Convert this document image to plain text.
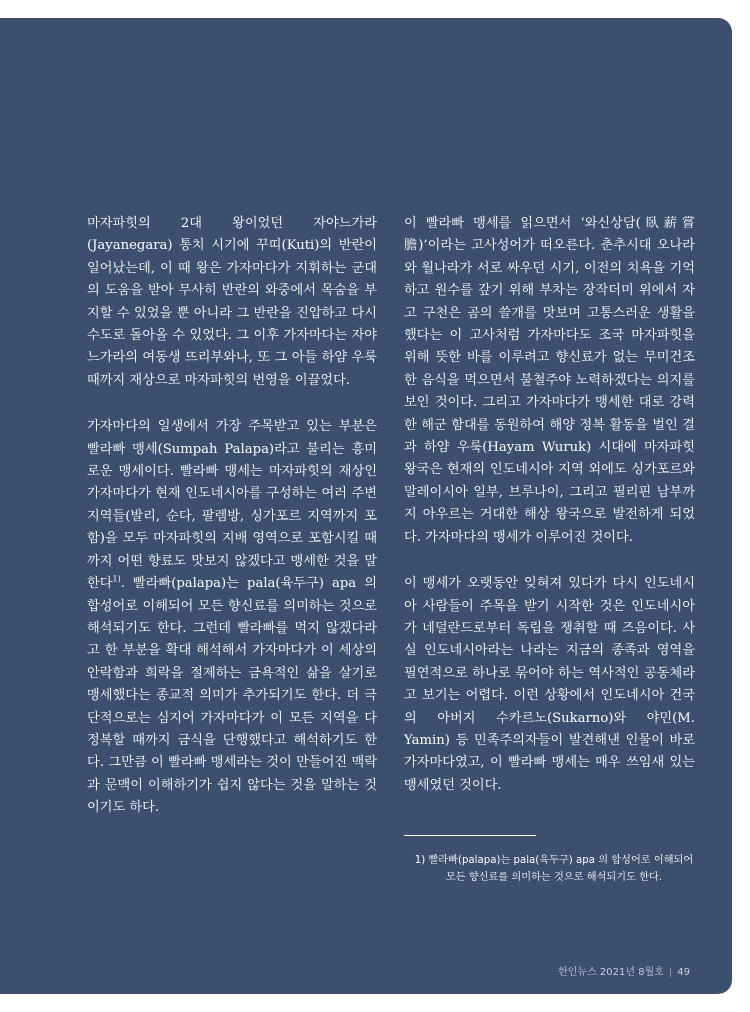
마자파힛의 2대 왕이었던 자야느가라(Jayanegara) 통치 시기에 꾸띠(Kuti)의 반란이 일어났는데, 이 때 왕은 가자마다가 지휘하는 군대의 도움을 받아 무사히 반란의 와중에서 목숨을 부지할 수 있었을 뿐 아니라 그 반란을 진압하고 다시 수도로 돌아올 수 있었다. 그 이후 가자마다는 자야느가라의 여동생 뜨리부와나, 또 그 아들 하얌 우룩 때까지 재상으로 마자파힛의 번영을 이끌었다.

가자마다의 일생에서 가장 주목받고 있는 부분은 빨라빠 맹세(Sumpah Palapa)라고 불리는 흥미로운 맹세이다. 빨라빠 맹세는 마자파힛의 재상인 가자마다가 현재 인도네시아를 구성하는 여러 주변 지역들(발리, 순다, 팔렘방, 싱가포르 지역까지 포함)을 모두 마자파힛의 지배 영역으로 포함시킬 때까지 어떤 향료도 맛보지 않겠다고 맹세한 것을 말한다$^{1)}$. 빨라빠(palapa)는 pala(육두구) apa 의 합성어로 이해되어 모든 향신료를 의미하는 것으로 해석되기도 한다. 그런데 빨라빠를 먹지 않겠다라고 한 부분을 확대 해석해서 가자마다가 이 세상의 안락함과 희락을 절제하는 금욕적인 삶을 살기로 맹세했다는 종교적 의미가 추가되기도 한다. 더 극단적으로는 심지어 가자마다가 이 모든 지역을 다 정복할 때까지 금식을 단행했다고 해석하기도 한다. 그만큼 이 빨라빠 맹세라는 것이 만들어진 맥락과 문맥이 이해하기가 쉽지 않다는 것을 말하는 것이기도 하다.

이 빨라빠 맹세를 읽으면서 ‘와신상담(臥薪嘗膽)’이라는 고사성어가 떠오른다. 춘추시대 오나라와 월나라가 서로 싸우던 시기, 이전의 치욕을 기억하고 원수를 갚기 위해 부차는 장작더미 위에서 자고 구천은 곰의 쓸개를 맛보며 고통스러운 생활을 했다는 이 고사처럼 가자마다도 조국 마자파힛을 위해 뜻한 바를 이루려고 향신료가 없는 무미건조한 음식을 먹으면서 불철주야 노력하겠다는 의지를 보인 것이다. 그리고 가자마다가 맹세한 대로 강력한 해군 함대를 동원하여 해양 정복 활동을 벌인 결과 하얌 우룩(Hayam Wuruk) 시대에 마자파힛 왕국은 현재의 인도네시아 지역 외에도 싱가포르와 말레이시아 일부, 브루나이, 그리고 필리핀 남부까지 아우르는 거대한 해상 왕국으로 발전하게 되었다. 가자마다의 맹세가 이루어진 것이다.

이 맹세가 오랫동안 잊혀져 있다가 다시 인도네시아 사람들이 주목을 받기 시작한 것은 인도네시아가 네덜란드로부터 독립을 쟁취할 때 즈음이다. 사실 인도네시아라는 나라는 지금의 종족과 영역을 필연적으로 하나로 묶어야 하는 역사적인 공동체라고 보기는 어렵다. 이런 상황에서 인도네시아 건국의 아버지 수카르노(Sukarno)와 야민(M. Yamin) 등 민족주의자들이 발견해낸 인물이 바로 가자마다였고, 이 빨라빠 맹세는 매우 쓰임새 있는 맹세였던 것이다.

1) 빨라빠(palapa)는 pala(육두구) apa 의 합성어로 이해되어
모든 향신료를 의미하는 것으로 해석되기도 한다.
한인뉴스 2021년 8월호 | 49
